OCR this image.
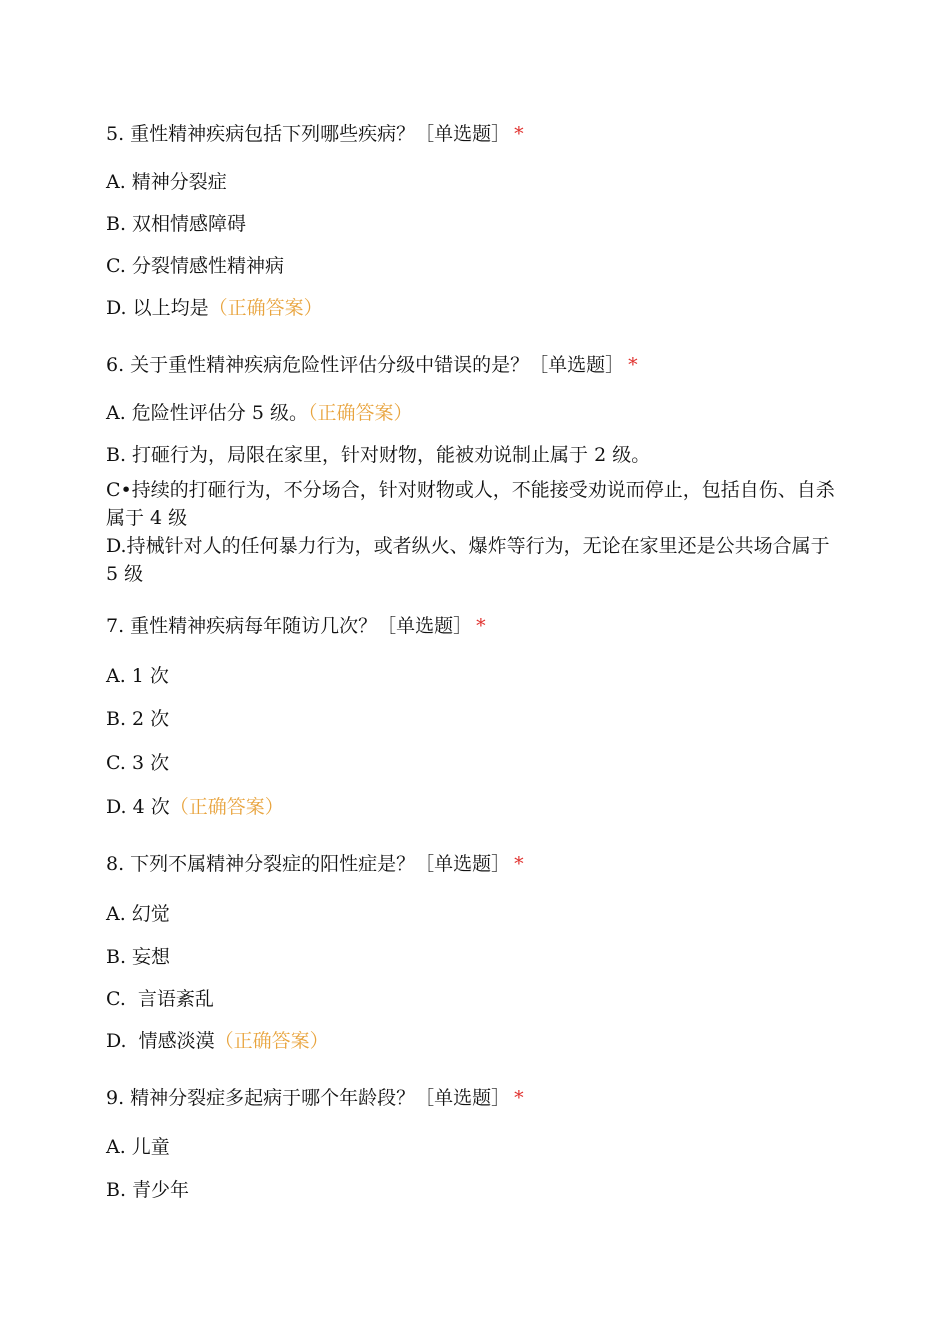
5. 重性精神疾病包括下列哪些疾病？［单选题］ *
A. 精神分裂症
B. 双相情感障碍
C. 分裂情感性精神病
D. 以上均是（正确答案）
6. 关于重性精神疾病危险性评估分级中错误的是？［单选题］ *
A. 危险性评估分 5 级。（正确答案）
B. 打砸行为，局限在家里，针对财物，能被劝说制止属于 2 级。
C•持续的打砸行为，不分场合，针对财物或人，不能接受劝说而停止，包括自伤、自杀属于 4 级
D.持械针对人的任何暴力行为，或者纵火、爆炸等行为，无论在家里还是公共场合属于 5 级
7. 重性精神疾病每年随访几次？［单选题］ *
A. 1 次
B. 2 次
C. 3 次
D. 4 次（正确答案）
8. 下列不属精神分裂症的阳性症是？［单选题］ *
A. 幻觉
B. 妄想
C. 言语紊乱
D. 情感淡漠（正确答案）
9. 精神分裂症多起病于哪个年龄段？［单选题］ *
A. 儿童
B. 青少年
